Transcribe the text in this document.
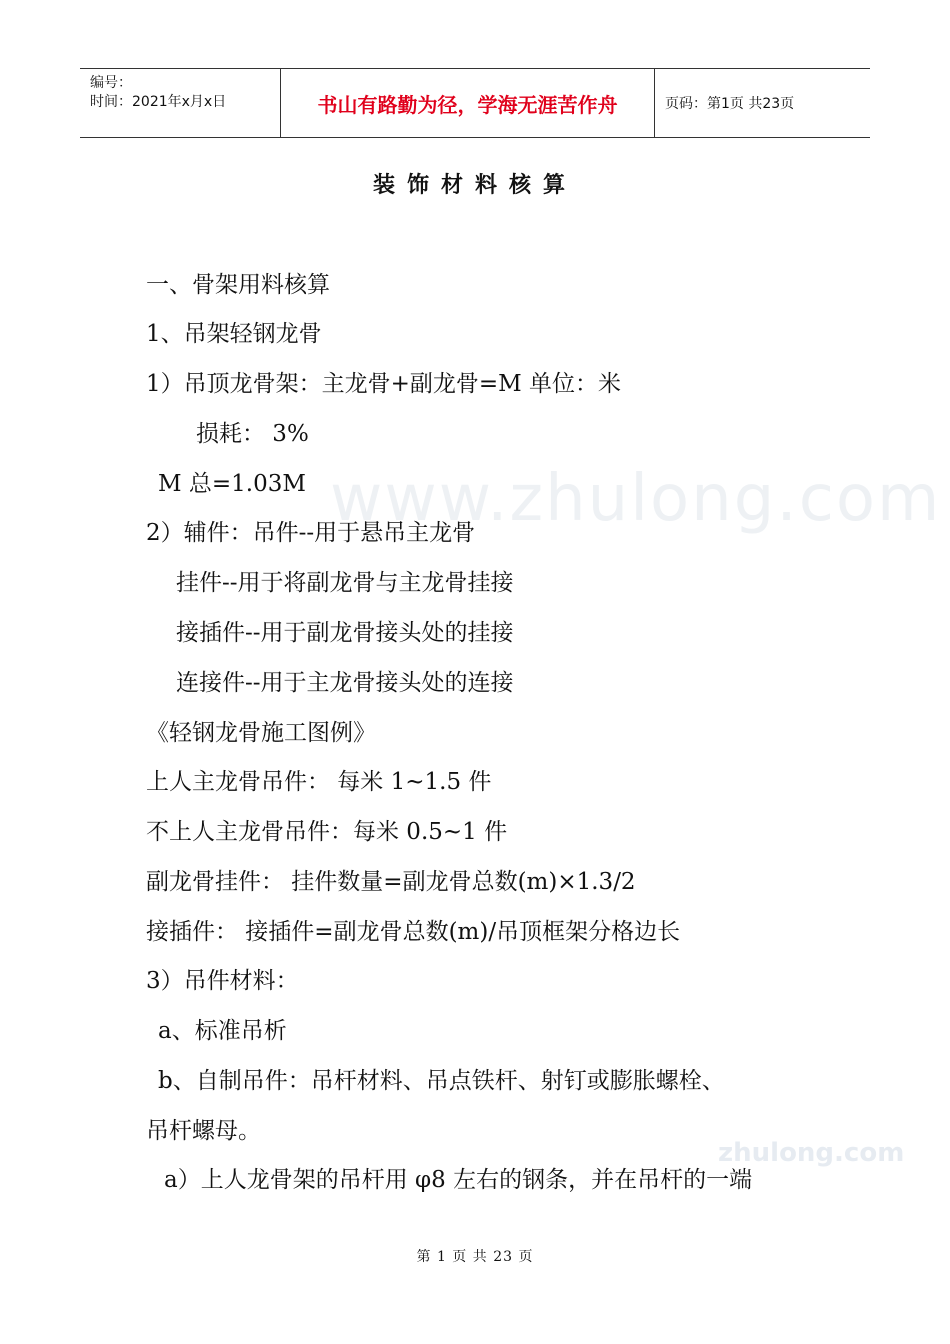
www.zhulong.com
zhulong.com
编号：
时间：2021年x月x日	书山有路勤为径，学海无涯苦作舟	页码：第1页 共23页
装饰材料核算
一、骨架用料核算
1、吊架轻钢龙骨
1）吊顶龙骨架：主龙骨+副龙骨=M 单位：米
损耗： 3%
M 总=1.03M
2）辅件：吊件--用于悬吊主龙骨
挂件--用于将副龙骨与主龙骨挂接
接插件--用于副龙骨接头处的挂接
连接件--用于主龙骨接头处的连接
《轻钢龙骨施工图例》
上人主龙骨吊件： 每米 1~1.5 件
不上人主龙骨吊件：每米 0.5~1 件
副龙骨挂件： 挂件数量=副龙骨总数(m)×1.3/2
接插件： 接插件=副龙骨总数(m)/吊顶框架分格边长
3）吊件材料：
a、标准吊析
b、自制吊件：吊杆材料、吊点铁杆、射钉或膨胀螺栓、
吊杆螺母。
a）上人龙骨架的吊杆用 φ8 左右的钢条，并在吊杆的一端
第 1 页 共 23 页
